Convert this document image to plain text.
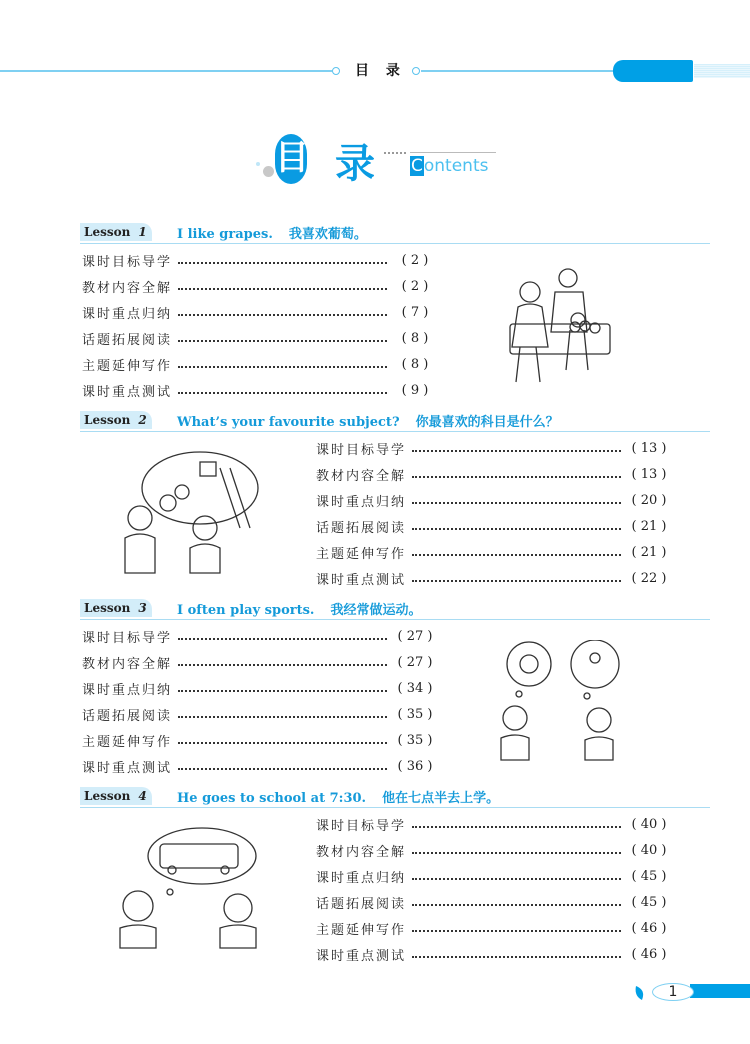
目 录
目 录 Contents
Lesson 1	I like grapes. 我喜欢葡萄。
课时目标导学	( 2 )
教材内容全解	( 2 )
课时重点归纳	( 7 )
话题拓展阅读	( 8 )
主题延伸写作	( 8 )
课时重点测试	( 9 )
Lesson 2	What’s your favourite subject? 你最喜欢的科目是什么？
课时目标导学	( 13 )
教材内容全解	( 13 )
课时重点归纳	( 20 )
话题拓展阅读	( 21 )
主题延伸写作	( 21 )
课时重点测试	( 22 )
Lesson 3	I often play sports. 我经常做运动。
课时目标导学	( 27 )
教材内容全解	( 27 )
课时重点归纳	( 34 )
话题拓展阅读	( 35 )
主题延伸写作	( 35 )
课时重点测试	( 36 )
Lesson 4	He goes to school at 7:30. 他在七点半去上学。
课时目标导学	( 40 )
教材内容全解	( 40 )
课时重点归纳	( 45 )
话题拓展阅读	( 45 )
主题延伸写作	( 46 )
课时重点测试	( 46 )
1
